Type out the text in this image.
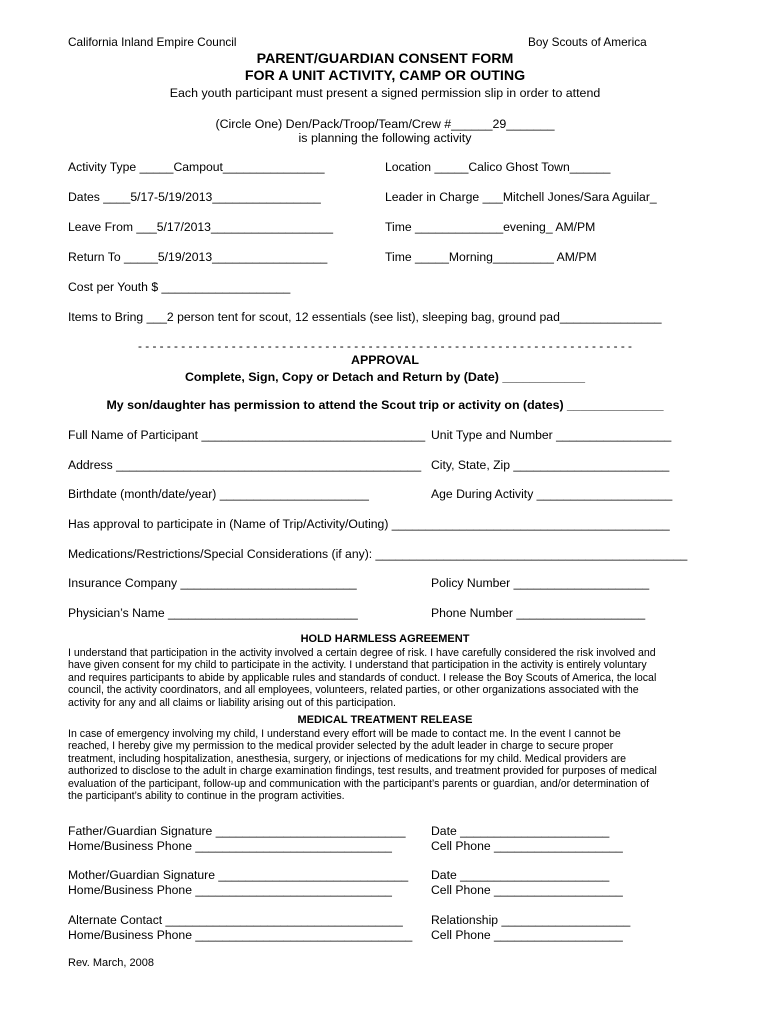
California Inland Empire Council	Boy Scouts of America
PARENT/GUARDIAN CONSENT FORM
FOR A UNIT ACTIVITY, CAMP OR OUTING
Each youth participant must present a signed permission slip in order to attend
(Circle One) Den/Pack/Troop/Team/Crew #______29_______
is planning the following activity
Activity Type _____Campout_______________	Location _____Calico Ghost Town______
Dates ____5/17-5/19/2013________________	Leader in Charge ___Mitchell Jones/Sara Aguilar_
Leave From ___5/17/2013__________________	Time _____________evening_ AM/PM
Return To _____5/19/2013_________________	Time _____Morning_________ AM/PM
Cost per Youth $ ___________________
Items to Bring ___2 person tent for scout, 12 essentials (see list), sleeping bag, ground pad_______________
- - - - - - - - - - - - - - - - - - - - - - - - - - - - - - - - - - - - - - - - - - - - - - - - - - - - - - - - - - - - - - - - - - - - -
APPROVAL
Complete, Sign, Copy or Detach and Return by (Date) ____________
My son/daughter has permission to attend the Scout trip or activity on (dates) ______________
Full Name of Participant _________________________________ Unit Type and Number _________________
Address _____________________________________________ City, State, Zip _______________________
Birthdate (month/date/year) ______________________	Age During Activity ____________________
Has approval to participate in (Name of Trip/Activity/Outing) _________________________________________
Medications/Restrictions/Special Considerations (if any): ______________________________________________
Insurance Company __________________________	Policy Number ____________________
Physician’s Name ____________________________	Phone Number ___________________
HOLD HARMLESS AGREEMENT
I understand that participation in the activity involved a certain degree of risk. I have carefully considered the risk involved and
have given consent for my child to participate in the activity. I understand that participation in the activity is entirely voluntary
and requires participants to abide by applicable rules and standards of conduct. I release the Boy Scouts of America, the local
council, the activity coordinators, and all employees, volunteers, related parties, or other organizations associated with the
activity for any and all claims or liability arising out of this participation.
MEDICAL TREATMENT RELEASE
In case of emergency involving my child, I understand every effort will be made to contact me. In the event I cannot be
reached, I hereby give my permission to the medical provider selected by the adult leader in charge to secure proper
treatment, including hospitalization, anesthesia, surgery, or injections of medications for my child. Medical providers are
authorized to disclose to the adult in charge examination findings, test results, and treatment provided for purposes of medical
evaluation of the participant, follow-up and communication with the participant’s parents or guardian, and/or determination of
the participant’s ability to continue in the program activities.
Father/Guardian Signature ____________________________ Date ______________________
Home/Business Phone _____________________________	Cell Phone ___________________
Mother/Guardian Signature ____________________________ Date ______________________
Home/Business Phone _____________________________	Cell Phone ___________________
Alternate Contact ___________________________________ Relationship ___________________
Home/Business Phone ________________________________ Cell Phone ___________________
Rev. March, 2008
